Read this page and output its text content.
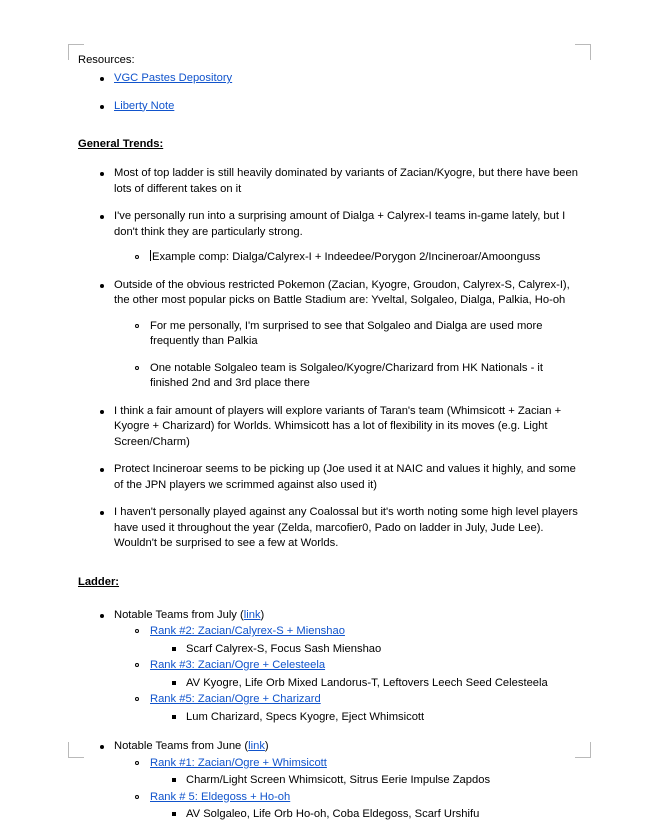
Resources:

VGC Pastes Depository
Liberty Note

General Trends:

Most of top ladder is still heavily dominated by variants of Zacian/Kyogre, but there have been lots of different takes on it
I've personally run into a surprising amount of Dialga + Calyrex-I teams in-game lately, but I don't think they are particularly strong.
Example comp: Dialga/Calyrex-I + Indeedee/Porygon 2/Incineroar/Amoonguss
Outside of the obvious restricted Pokemon (Zacian, Kyogre, Groudon, Calyrex-S, Calyrex-I), the other most popular picks on Battle Stadium are: Yveltal, Solgaleo, Dialga, Palkia, Ho-oh
For me personally, I'm surprised to see that Solgaleo and Dialga are used more frequently than Palkia
One notable Solgaleo team is Solgaleo/Kyogre/Charizard from HK Nationals - it finished 2nd and 3rd place there
I think a fair amount of players will explore variants of Taran's team (Whimsicott + Zacian + Kyogre + Charizard) for Worlds. Whimsicott has a lot of flexibility in its moves (e.g. Light Screen/Charm)
Protect Incineroar seems to be picking up (Joe used it at NAIC and values it highly, and some of the JPN players we scrimmed against also used it)
I haven't personally played against any Coalossal but it's worth noting some high level players have used it throughout the year (Zelda, marcofier0, Pado on ladder in July, Jude Lee). Wouldn't be surprised to see a few at Worlds.

Ladder:

Notable Teams from July (link)
Rank #2: Zacian/Calyrex-S + Mienshao
Scarf Calyrex-S, Focus Sash Mienshao
Rank #3: Zacian/Ogre + Celesteela
AV Kyogre, Life Orb Mixed Landorus-T, Leftovers Leech Seed Celesteela
Rank #5: Zacian/Ogre + Charizard
Lum Charizard, Specs Kyogre, Eject Whimsicott
Notable Teams from June (link)
Rank #1: Zacian/Ogre + Whimsicott
Charm/Light Screen Whimsicott, Sitrus Eerie Impulse Zapdos
Rank # 5: Eldegoss + Ho-oh
AV Solgaleo, Life Orb Ho-oh, Coba Eldegoss, Scarf Urshifu
